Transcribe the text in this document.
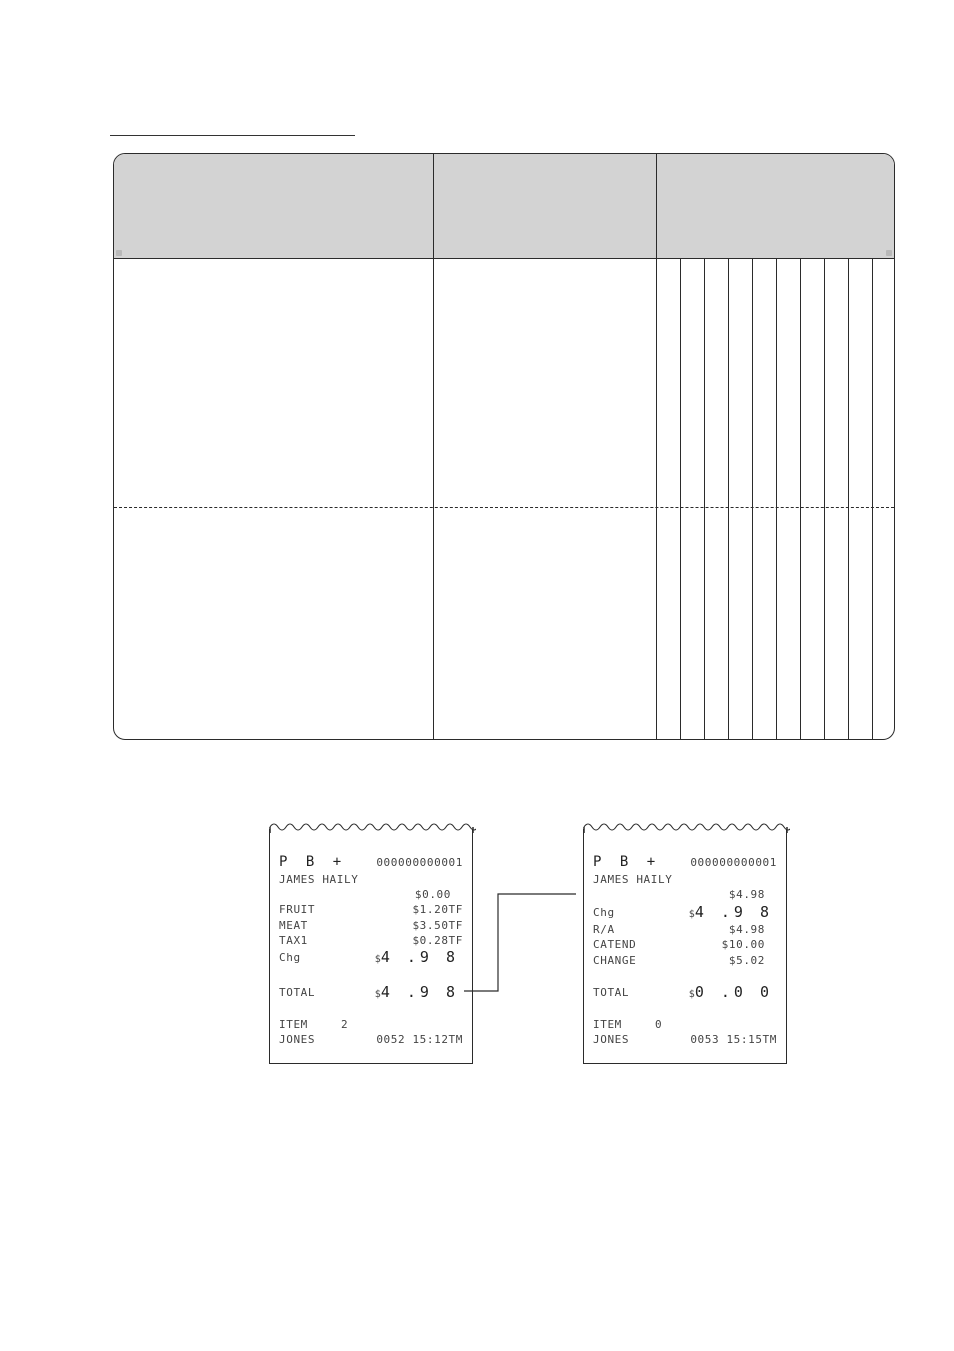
P B +	000000000001
JAMES HAILY
$0.00
FRUIT	$1.20TF
MEAT	$3.50TF
TAX1	$0.28TF
Chg	$4 .9 8
TOTAL	$4 .9 8
ITEM	2
JONES	0052 15:12TM
P B +	000000000001
JAMES HAILY
$4.98
Chg	$4 .9 8
R/A	$4.98
CATEND	$10.00
CHANGE	$5.02
TOTAL	$0 .0 0
ITEM	0
JONES	0053 15:15TM
